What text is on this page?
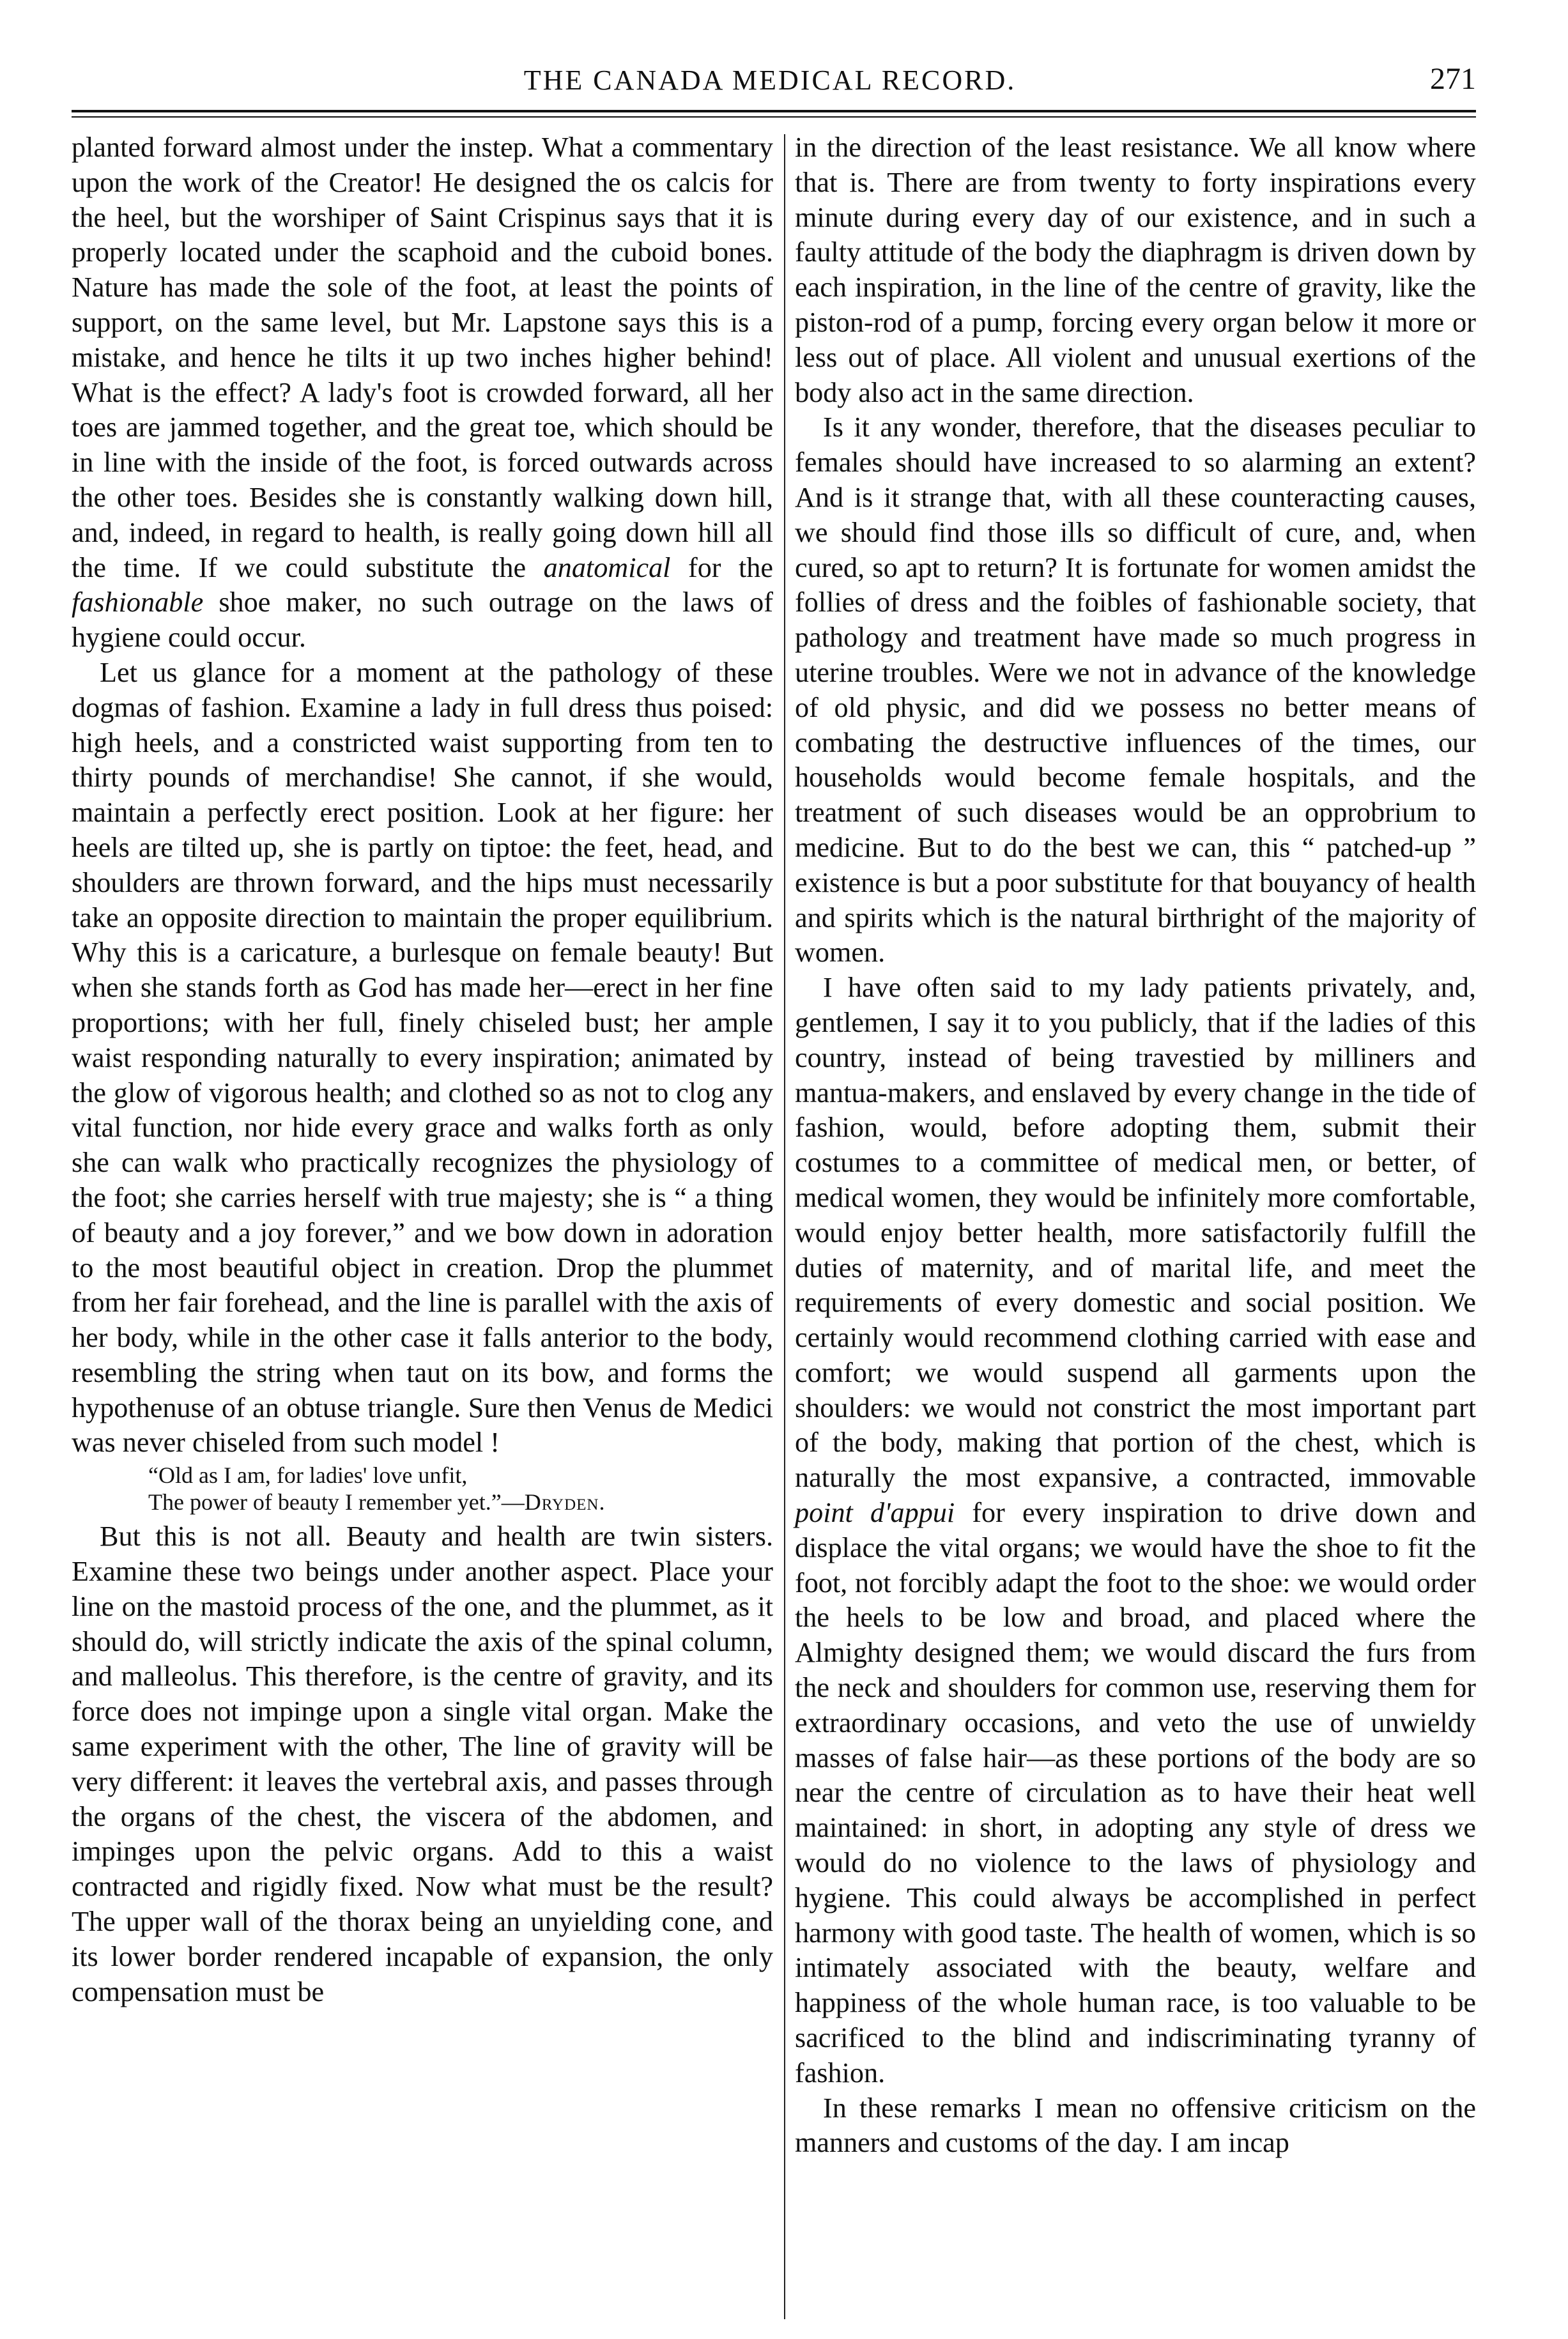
THE CANADA MEDICAL RECORD.	271

planted forward almost under the instep. What a commentary upon the work of the Creator! He designed the os calcis for the heel, but the worshiper of Saint Crispinus says that it is properly located under the scaphoid and the cuboid bones. Nature has made the sole of the foot, at least the points of support, on the same level, but Mr. Lapstone says this is a mistake, and hence he tilts it up two inches higher behind! What is the effect? A lady's foot is crowded forward, all her toes are jammed together, and the great toe, which should be in line with the inside of the foot, is forced outwards across the other toes. Besides she is constantly walking down hill, and, indeed, in regard to health, is really going down hill all the time. If we could substitute the anatomical for the fashionable shoe maker, no such outrage on the laws of hygiene could occur.

Let us glance for a moment at the pathology of these dogmas of fashion. Examine a lady in full dress thus poised: high heels, and a constricted waist supporting from ten to thirty pounds of merchandise! She cannot, if she would, maintain a perfectly erect position. Look at her figure: her heels are tilted up, she is partly on tiptoe: the feet, head, and shoulders are thrown forward, and the hips must necessarily take an opposite direction to maintain the proper equilibrium. Why this is a caricature, a burlesque on female beauty! But when she stands forth as God has made her—erect in her fine proportions; with her full, finely chiseled bust; her ample waist responding naturally to every inspiration; animated by the glow of vigorous health; and clothed so as not to clog any vital function, nor hide every grace and walks forth as only she can walk who practically recognizes the physiology of the foot; she carries herself with true majesty; she is “ a thing of beauty and a joy forever,” and we bow down in adoration to the most beautiful object in creation. Drop the plummet from her fair forehead, and the line is parallel with the axis of her body, while in the other case it falls anterior to the body, resembling the string when taut on its bow, and forms the hypothenuse of an obtuse triangle. Sure then Venus de Medici was never chiseled from such model !

“Old as I am, for ladies' love unfit,
The power of beauty I remember yet.”—Dryden.

But this is not all. Beauty and health are twin sisters. Examine these two beings under another aspect. Place your line on the mastoid process of the one, and the plummet, as it should do, will strictly indicate the axis of the spinal column, and malleolus. This therefore, is the centre of gravity, and its force does not impinge upon a single vital organ. Make the same experiment with the other, The line of gravity will be very different: it leaves the vertebral axis, and passes through the organs of the chest, the viscera of the abdomen, and impinges upon the pelvic organs. Add to this a waist contracted and rigidly fixed. Now what must be the result? The upper wall of the thorax being an unyielding cone, and its lower border rendered incapable of expansion, the only compensation must be

in the direction of the least resistance. We all know where that is. There are from twenty to forty inspirations every minute during every day of our existence, and in such a faulty attitude of the body the diaphragm is driven down by each inspiration, in the line of the centre of gravity, like the piston-rod of a pump, forcing every organ below it more or less out of place. All violent and unusual exertions of the body also act in the same direction.

Is it any wonder, therefore, that the diseases peculiar to females should have increased to so alarming an extent? And is it strange that, with all these counteracting causes, we should find those ills so difficult of cure, and, when cured, so apt to return? It is fortunate for women amidst the follies of dress and the foibles of fashionable society, that pathology and treatment have made so much progress in uterine troubles. Were we not in advance of the knowledge of old physic, and did we possess no better means of combating the destructive influences of the times, our households would become female hospitals, and the treatment of such diseases would be an opprobrium to medicine. But to do the best we can, this “ patched-up ” existence is but a poor substitute for that bouyancy of health and spirits which is the natural birthright of the majority of women.

I have often said to my lady patients privately, and, gentlemen, I say it to you publicly, that if the ladies of this country, instead of being travestied by milliners and mantua-makers, and enslaved by every change in the tide of fashion, would, before adopting them, submit their costumes to a committee of medical men, or better, of medical women, they would be infinitely more comfortable, would enjoy better health, more satisfactorily fulfill the duties of maternity, and of marital life, and meet the requirements of every domestic and social position. We certainly would recommend clothing carried with ease and comfort; we would suspend all garments upon the shoulders: we would not constrict the most important part of the body, making that portion of the chest, which is naturally the most expansive, a contracted, immovable point d'appui for every inspiration to drive down and displace the vital organs; we would have the shoe to fit the foot, not forcibly adapt the foot to the shoe: we would order the heels to be low and broad, and placed where the Almighty designed them; we would discard the furs from the neck and shoulders for common use, reserving them for extraordinary occasions, and veto the use of unwieldy masses of false hair—as these portions of the body are so near the centre of circulation as to have their heat well maintained: in short, in adopting any style of dress we would do no violence to the laws of physiology and hygiene. This could always be accomplished in perfect harmony with good taste. The health of women, which is so intimately associated with the beauty, welfare and happiness of the whole human race, is too valuable to be sacrificed to the blind and indiscriminating tyranny of fashion.

In these remarks I mean no offensive criticism on the manners and customs of the day. I am incap
